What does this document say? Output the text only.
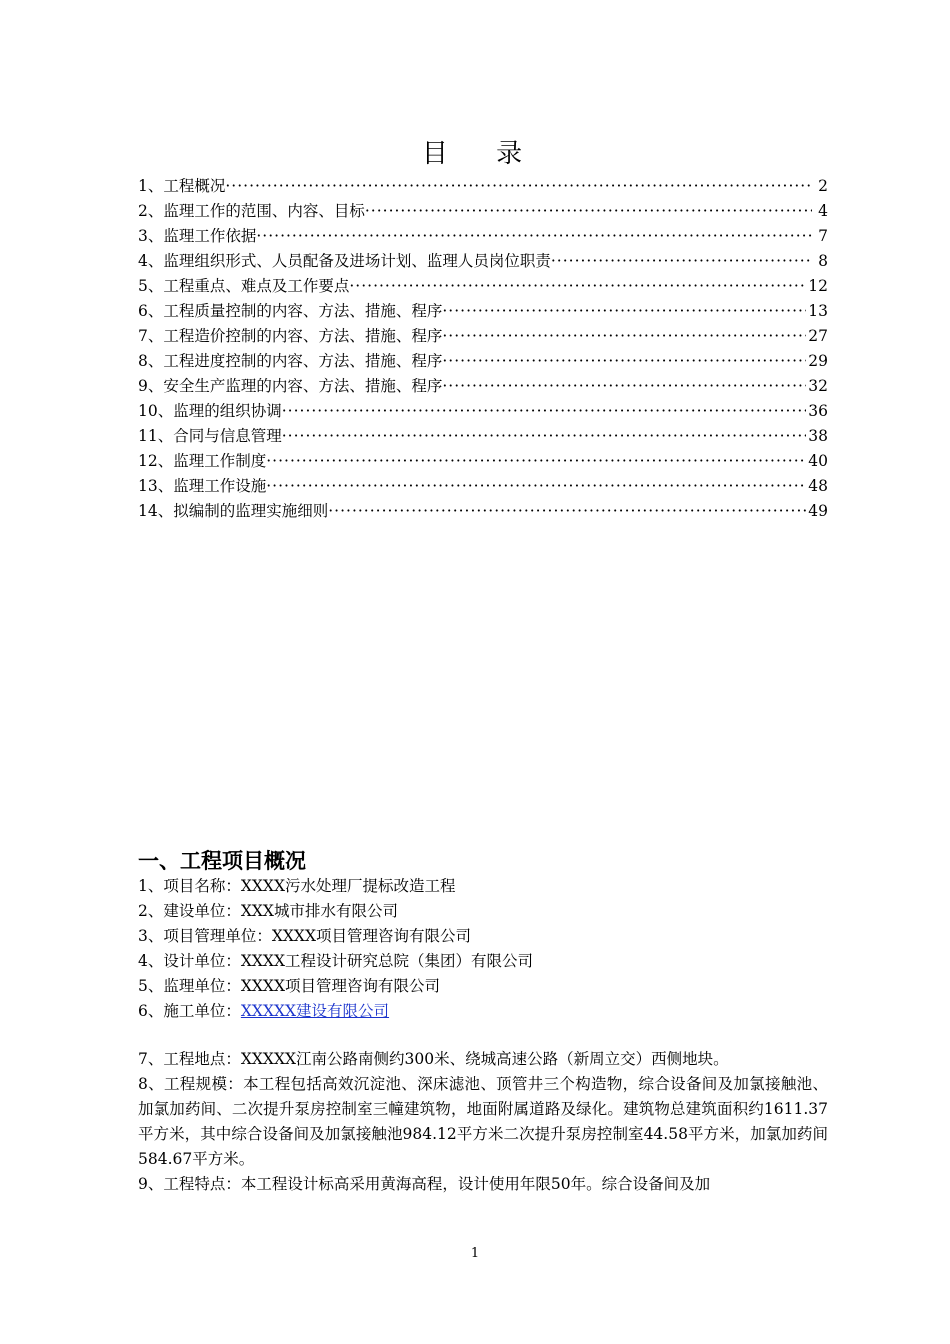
目 录
1、工程概况 ·····	2
2、监理工作的范围、内容、目标 ·····	4
3、监理工作依据 ·····	7
4、监理组织形式、人员配备及进场计划、监理人员岗位职责 ·····	8
5、工程重点、难点及工作要点 ·····	12
6、工程质量控制的内容、方法、措施、程序 ·····	13
7、工程造价控制的内容、方法、措施、程序 ·····	27
8、工程进度控制的内容、方法、措施、程序 ·····	29
9、安全生产监理的内容、方法、措施、程序 ·····	32
10、监理的组织协调 ·····	36
11、合同与信息管理 ·····	38
12、监理工作制度 ·····	40
13、监理工作设施 ·····	48
14、拟编制的监理实施细则 ·····	49
一、工程项目概况
1、项目名称：XXXX污水处理厂提标改造工程
2、建设单位：XXX城市排水有限公司
3、项目管理单位：XXXX项目管理咨询有限公司
4、设计单位：XXXX工程设计研究总院（集团）有限公司
5、监理单位：XXXX项目管理咨询有限公司
6、施工单位：XXXXX建设有限公司
7、工程地点：XXXXX江南公路南侧约300米、绕城高速公路（新周立交）西侧地块。
8、工程规模：本工程包括高效沉淀池、深床滤池、顶管井三个构造物，综合设备间及加氯接触池、加氯加药间、二次提升泵房控制室三幢建筑物，地面附属道路及绿化。建筑物总建筑面积约1611.37平方米，其中综合设备间及加氯接触池984.12平方米二次提升泵房控制室44.58平方米，加氯加药间584.67平方米。
9、工程特点：本工程设计标高采用黄海高程，设计使用年限50年。综合设备间及加
1
